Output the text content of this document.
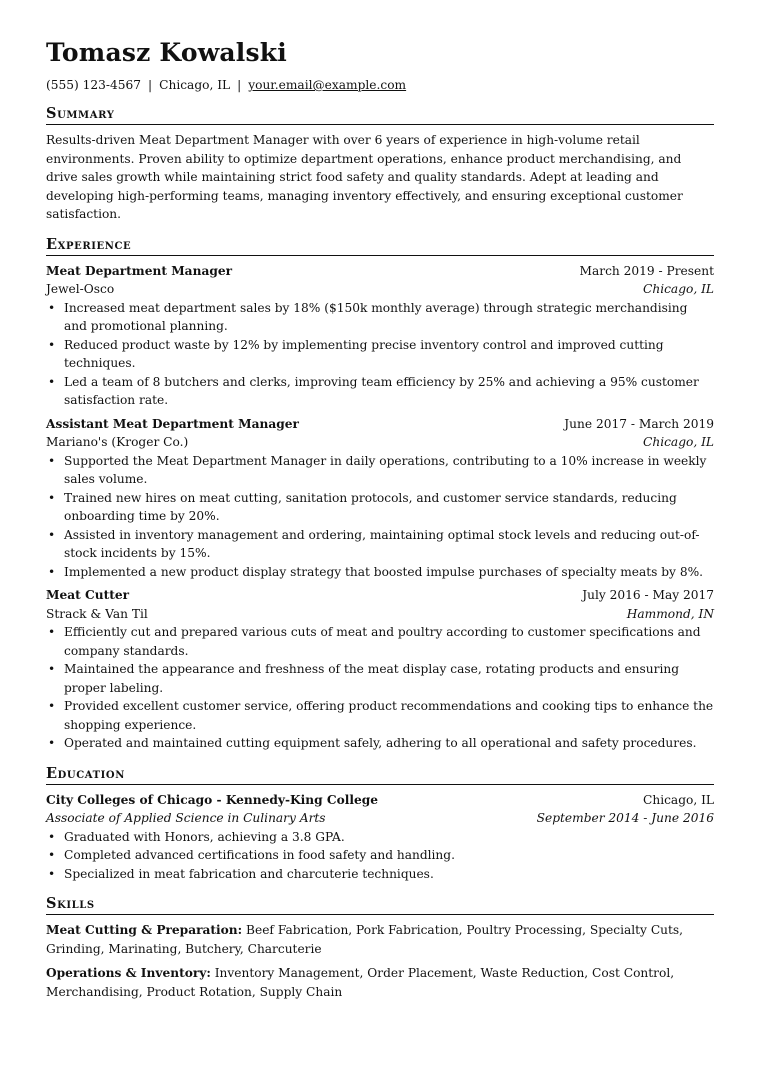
Tomasz Kowalski
(555) 123-4567 | Chicago, IL | your.email@example.com
Summary

Results-driven Meat Department Manager with over 6 years of experience in high-volume retail environments. Proven ability to optimize department operations, enhance product merchandising, and drive sales growth while maintaining strict food safety and quality standards. Adept at leading and developing high-performing teams, managing inventory effectively, and ensuring exceptional customer satisfaction.

Experience
Meat Department Manager	March 2019 - Present
Jewel-Osco	Chicago, IL
• Increased meat department sales by 18% ($150k monthly average) through strategic merchandising and promotional planning.
• Reduced product waste by 12% by implementing precise inventory control and improved cutting techniques.
• Led a team of 8 butchers and clerks, improving team efficiency by 25% and achieving a 95% customer satisfaction rate.
Assistant Meat Department Manager	June 2017 - March 2019
Mariano's (Kroger Co.)	Chicago, IL
• Supported the Meat Department Manager in daily operations, contributing to a 10% increase in weekly sales volume.
• Trained new hires on meat cutting, sanitation protocols, and customer service standards, reducing onboarding time by 20%.
• Assisted in inventory management and ordering, maintaining optimal stock levels and reducing out-of-stock incidents by 15%.
• Implemented a new product display strategy that boosted impulse purchases of specialty meats by 8%.
Meat Cutter	July 2016 - May 2017
Strack & Van Til	Hammond, IN
• Efficiently cut and prepared various cuts of meat and poultry according to customer specifications and company standards.
• Maintained the appearance and freshness of the meat display case, rotating products and ensuring proper labeling.
• Provided excellent customer service, offering product recommendations and cooking tips to enhance the shopping experience.
• Operated and maintained cutting equipment safely, adhering to all operational and safety procedures.
Education
City Colleges of Chicago - Kennedy-King College	Chicago, IL
Associate of Applied Science in Culinary Arts	September 2014 - June 2016
• Graduated with Honors, achieving a 3.8 GPA.
• Completed advanced certifications in food safety and handling.
• Specialized in meat fabrication and charcuterie techniques.
Skills

Meat Cutting & Preparation: Beef Fabrication, Pork Fabrication, Poultry Processing, Specialty Cuts, Grinding, Marinating, Butchery, Charcuterie

Operations & Inventory: Inventory Management, Order Placement, Waste Reduction, Cost Control, Merchandising, Product Rotation, Supply Chain
